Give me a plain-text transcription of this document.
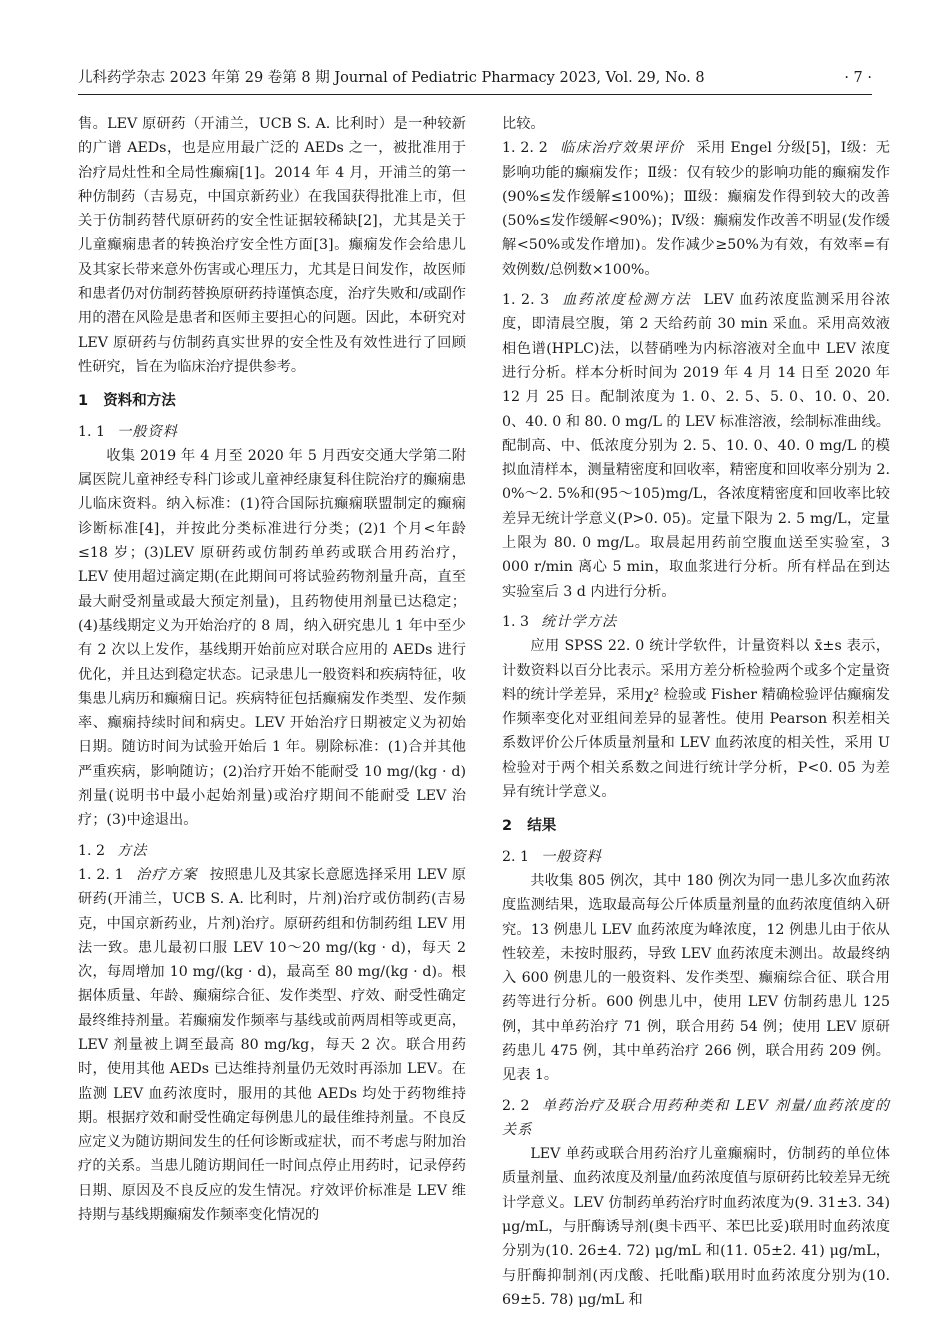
儿科药学杂志 2023 年第 29 卷第 8 期 Journal of Pediatric Pharmacy 2023, Vol. 29, No. 8	· 7 ·

售。LEV 原研药（开浦兰，UCB S. A. 比利时）是一种较新的广谱 AEDs，也是应用最广泛的 AEDs 之一，被批准用于治疗局灶性和全局性癫痫[1]。2014 年 4 月，开浦兰的第一种仿制药（吉易克，中国京新药业）在我国获得批准上市，但关于仿制药替代原研药的安全性证据较稀缺[2]，尤其是关于儿童癫痫患者的转换治疗安全性方面[3]。癫痫发作会给患儿及其家长带来意外伤害或心理压力，尤其是日间发作，故医师和患者仍对仿制药替换原研药持谨慎态度，治疗失败和/或副作用的潜在风险是患者和医师主要担心的问题。因此，本研究对 LEV 原研药与仿制药真实世界的安全性及有效性进行了回顾性研究，旨在为临床治疗提供参考。

1 资料和方法
1. 1 一般资料

收集 2019 年 4 月至 2020 年 5 月西安交通大学第二附属医院儿童神经专科门诊或儿童神经康复科住院治疗的癫痫患儿临床资料。纳入标准：(1)符合国际抗癫痫联盟制定的癫痫诊断标准[4]，并按此分类标准进行分类；(2)1 个月<年龄≤18 岁；(3)LEV 原研药或仿制药单药或联合用药治疗，LEV 使用超过滴定期(在此期间可将试验药物剂量升高，直至最大耐受剂量或最大预定剂量)，且药物使用剂量已达稳定；(4)基线期定义为开始治疗的 8 周，纳入研究患儿 1 年中至少有 2 次以上发作，基线期开始前应对联合应用的 AEDs 进行优化，并且达到稳定状态。记录患儿一般资料和疾病特征，收集患儿病历和癫痫日记。疾病特征包括癫痫发作类型、发作频率、癫痫持续时间和病史。LEV 开始治疗日期被定义为初始日期。随访时间为试验开始后 1 年。剔除标准：(1)合并其他严重疾病，影响随访；(2)治疗开始不能耐受 10 mg/(kg · d)剂量(说明书中最小起始剂量)或治疗期间不能耐受 LEV 治疗；(3)中途退出。

1. 2 方法

1. 2. 1 治疗方案 按照患儿及其家长意愿选择采用 LEV 原研药(开浦兰，UCB S. A. 比利时，片剂)治疗或仿制药(吉易克，中国京新药业，片剂)治疗。原研药组和仿制药组 LEV 用法一致。患儿最初口服 LEV 10～20 mg/(kg · d)，每天 2 次，每周增加 10 mg/(kg · d)，最高至 80 mg/(kg · d)。根据体质量、年龄、癫痫综合征、发作类型、疗效、耐受性确定最终维持剂量。若癫痫发作频率与基线或前两周相等或更高，LEV 剂量被上调至最高 80 mg/kg，每天 2 次。联合用药时，使用其他 AEDs 已达维持剂量仍无效时再添加 LEV。在监测 LEV 血药浓度时，服用的其他 AEDs 均处于药物维持期。根据疗效和耐受性确定每例患儿的最佳维持剂量。不良反应定义为随访期间发生的任何诊断或症状，而不考虑与附加治疗的关系。当患儿随访期间任一时间点停止用药时，记录停药日期、原因及不良反应的发生情况。疗效评价标准是 LEV 维持期与基线期癫痫发作频率变化情况的

比较。

1. 2. 2 临床治疗效果评价 采用 Engel 分级[5]，Ⅰ级：无影响功能的癫痫发作；Ⅱ级：仅有较少的影响功能的癫痫发作(90%≤发作缓解≤100%)；Ⅲ级：癫痫发作得到较大的改善(50%≤发作缓解<90%)；Ⅳ级：癫痫发作改善不明显(发作缓解<50%或发作增加)。发作减少≥50%为有效，有效率=有效例数/总例数×100%。

1. 2. 3 血药浓度检测方法 LEV 血药浓度监测采用谷浓度，即清晨空腹，第 2 天给药前 30 min 采血。采用高效液相色谱(HPLC)法，以替硝唑为内标溶液对全血中 LEV 浓度进行分析。样本分析时间为 2019 年 4 月 14 日至 2020 年 12 月 25 日。配制浓度为 1. 0、2. 5、5. 0、10. 0、20. 0、40. 0 和 80. 0 mg/L 的 LEV 标准溶液，绘制标准曲线。配制高、中、低浓度分别为 2. 5、10. 0、40. 0 mg/L 的模拟血清样本，测量精密度和回收率，精密度和回收率分别为 2. 0%～2. 5%和(95～105)mg/L，各浓度精密度和回收率比较差异无统计学意义(P>0. 05)。定量下限为 2. 5 mg/L，定量上限为 80. 0 mg/L。取晨起用药前空腹血送至实验室，3 000 r/min 离心 5 min，取血浆进行分析。所有样品在到达实验室后 3 d 内进行分析。

1. 3 统计学方法

应用 SPSS 22. 0 统计学软件，计量资料以 x̄±s 表示，计数资料以百分比表示。采用方差分析检验两个或多个定量资料的统计学差异，采用χ² 检验或 Fisher 精确检验评估癫痫发作频率变化对亚组间差异的显著性。使用 Pearson 积差相关系数评价公斤体质量剂量和 LEV 血药浓度的相关性，采用 U 检验对于两个相关系数之间进行统计学分析，P<0. 05 为差异有统计学意义。

2 结果
2. 1 一般资料

共收集 805 例次，其中 180 例次为同一患儿多次血药浓度监测结果，选取最高每公斤体质量剂量的血药浓度值纳入研究。13 例患儿 LEV 血药浓度为峰浓度，12 例患儿由于依从性较差，未按时服药，导致 LEV 血药浓度未测出。故最终纳入 600 例患儿的一般资料、发作类型、癫痫综合征、联合用药等进行分析。600 例患儿中，使用 LEV 仿制药患儿 125 例，其中单药治疗 71 例，联合用药 54 例；使用 LEV 原研药患儿 475 例，其中单药治疗 266 例，联合用药 209 例。见表 1。

2. 2 单药治疗及联合用药种类和 LEV 剂量/血药浓度的关系

LEV 单药或联合用药治疗儿童癫痫时，仿制药的单位体质量剂量、血药浓度及剂量/血药浓度值与原研药比较差异无统计学意义。LEV 仿制药单药治疗时血药浓度为(9. 31±3. 34) μg/mL，与肝酶诱导剂(奥卡西平、苯巴比妥)联用时血药浓度分别为(10. 26±4. 72) μg/mL 和(11. 05±2. 41) μg/mL，与肝酶抑制剂(丙戊酸、托吡酯)联用时血药浓度分别为(10. 69±5. 78) μg/mL 和
